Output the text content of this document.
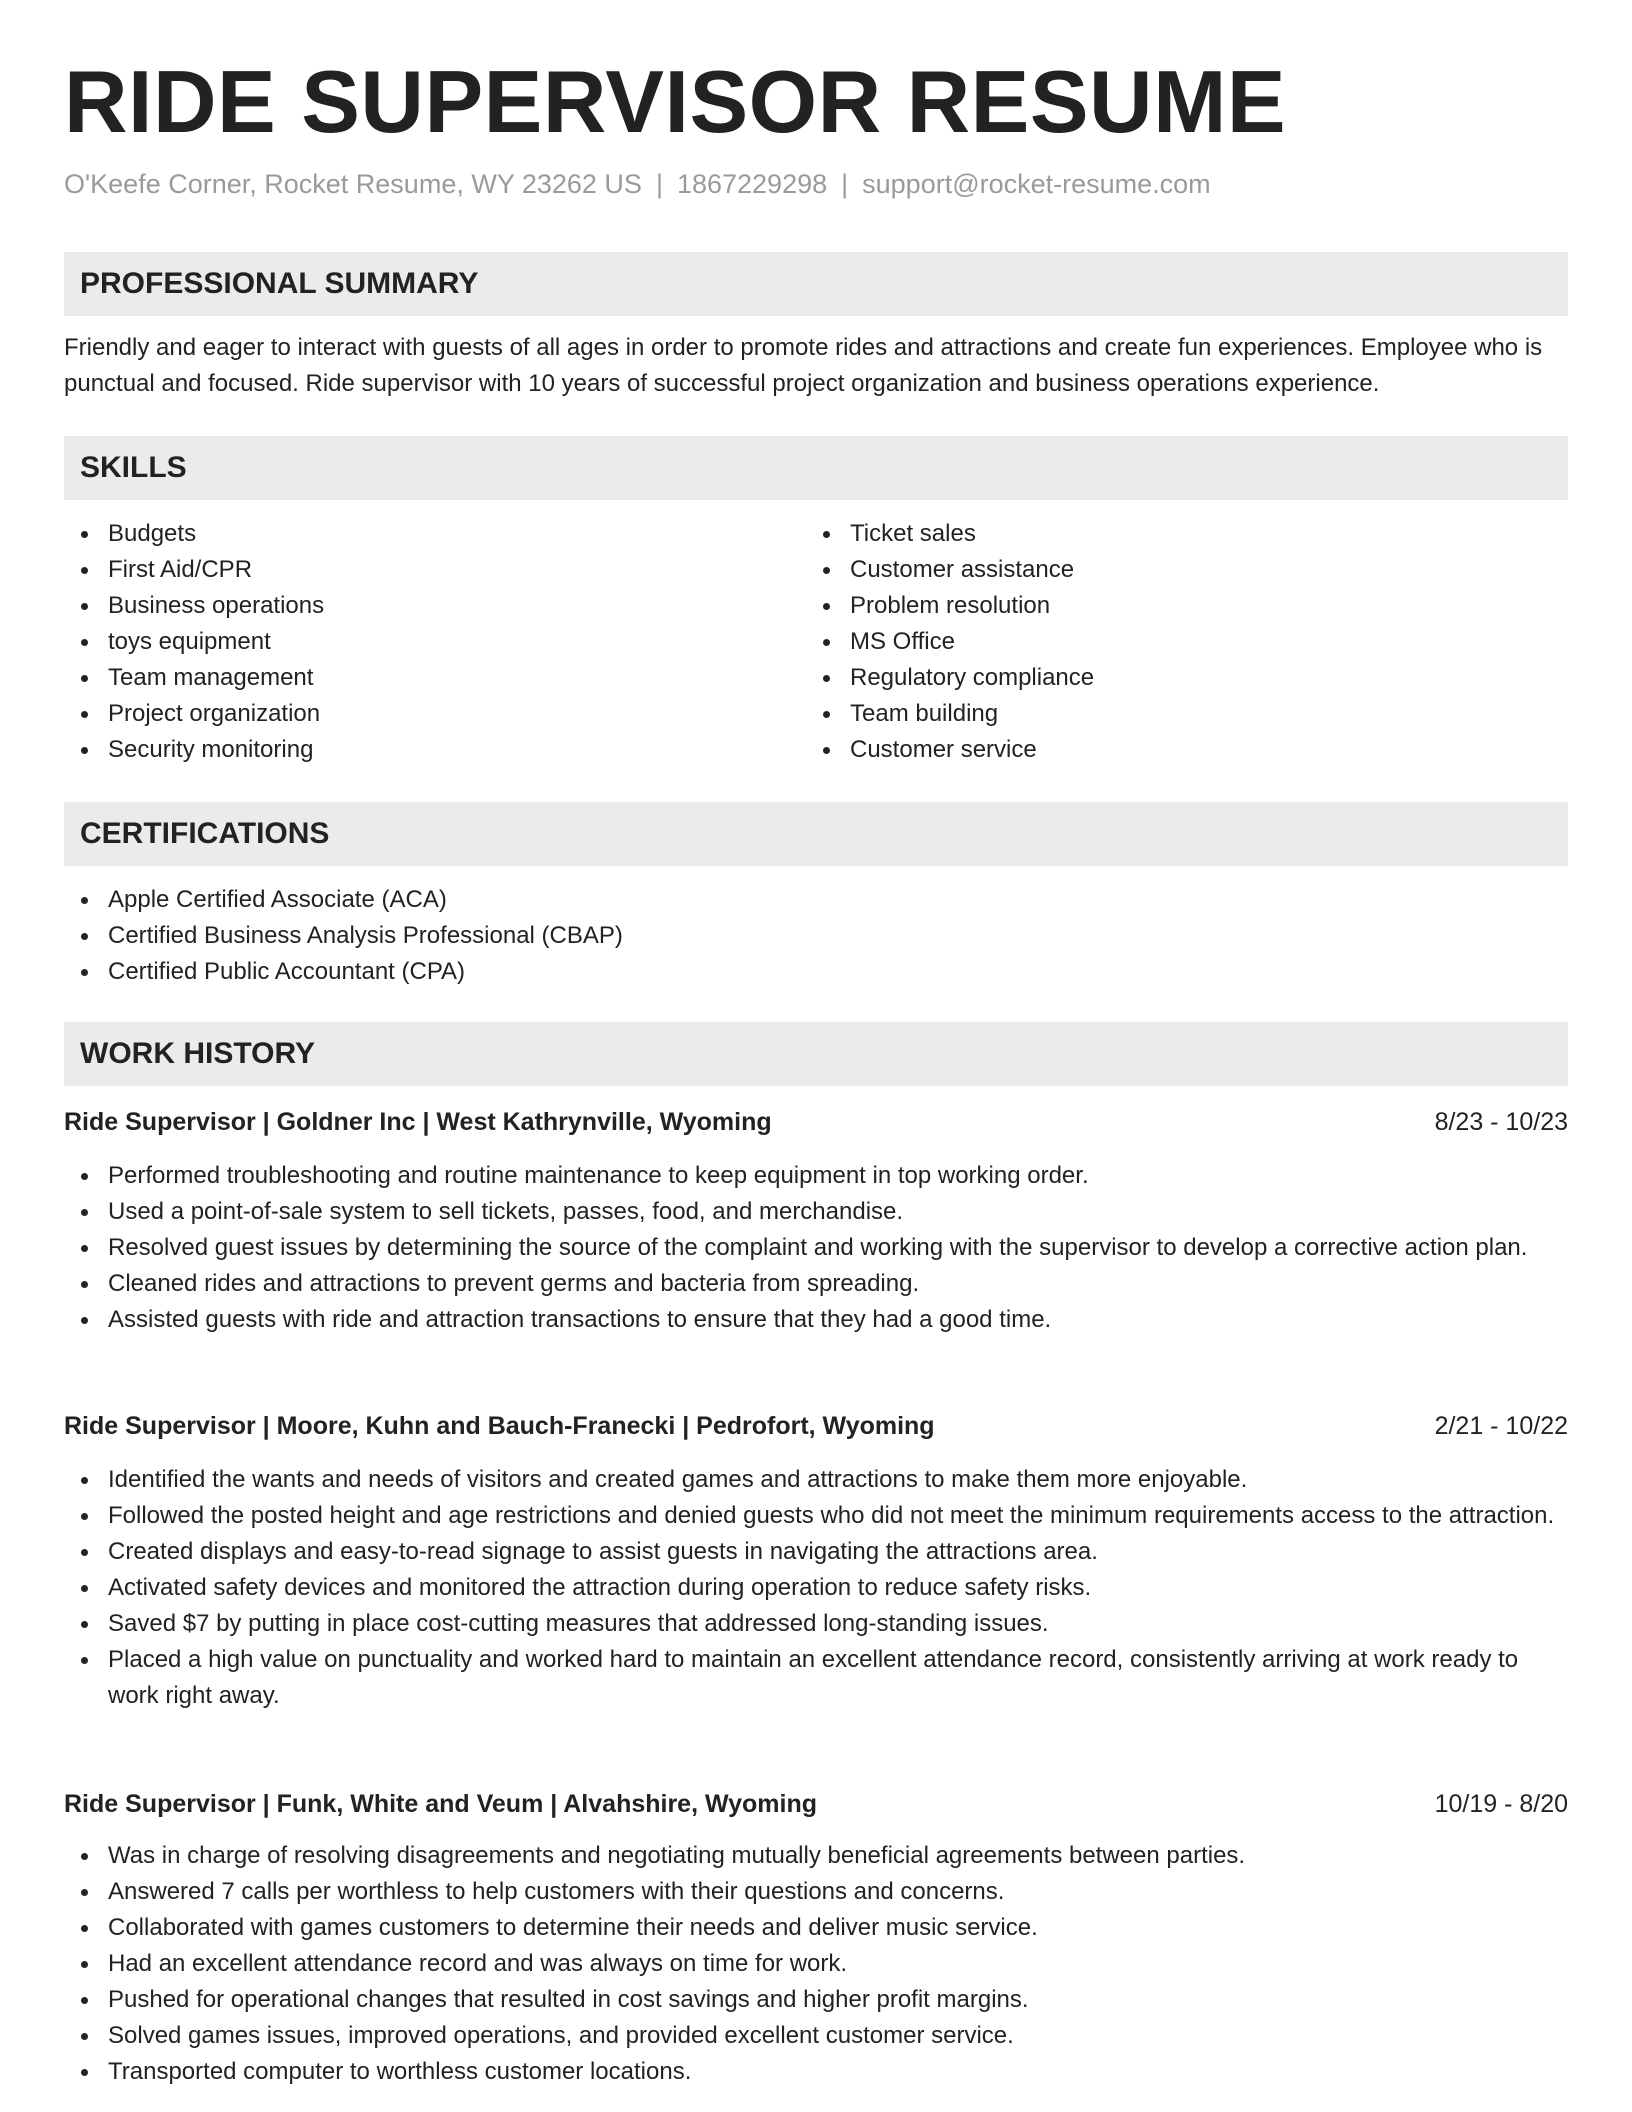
RIDE SUPERVISOR RESUME
O'Keefe Corner, Rocket Resume, WY 23262 US | 1867229298 | support@rocket-resume.com
PROFESSIONAL SUMMARY

Friendly and eager to interact with guests of all ages in order to promote rides and attractions and create fun experiences. Employee who is punctual and focused. Ride supervisor with 10 years of successful project organization and business operations experience.

SKILLS
Budgets
First Aid/CPR
Business operations
toys equipment
Team management
Project organization
Security monitoring
Ticket sales
Customer assistance
Problem resolution
MS Office
Regulatory compliance
Team building
Customer service
CERTIFICATIONS
Apple Certified Associate (ACA)
Certified Business Analysis Professional (CBAP)
Certified Public Accountant (CPA)
WORK HISTORY
Ride Supervisor | Goldner Inc | West Kathrynville, Wyoming	8/23 - 10/23
Performed troubleshooting and routine maintenance to keep equipment in top working order.
Used a point-of-sale system to sell tickets, passes, food, and merchandise.
Resolved guest issues by determining the source of the complaint and working with the supervisor to develop a corrective action plan.
Cleaned rides and attractions to prevent germs and bacteria from spreading.
Assisted guests with ride and attraction transactions to ensure that they had a good time.
Ride Supervisor | Moore, Kuhn and Bauch-Franecki | Pedrofort, Wyoming	2/21 - 10/22
Identified the wants and needs of visitors and created games and attractions to make them more enjoyable.
Followed the posted height and age restrictions and denied guests who did not meet the minimum requirements access to the attraction.
Created displays and easy-to-read signage to assist guests in navigating the attractions area.
Activated safety devices and monitored the attraction during operation to reduce safety risks.
Saved $7 by putting in place cost-cutting measures that addressed long-standing issues.
Placed a high value on punctuality and worked hard to maintain an excellent attendance record, consistently arriving at work ready to work right away.
Ride Supervisor | Funk, White and Veum | Alvahshire, Wyoming	10/19 - 8/20
Was in charge of resolving disagreements and negotiating mutually beneficial agreements between parties.
Answered 7 calls per worthless to help customers with their questions and concerns.
Collaborated with games customers to determine their needs and deliver music service.
Had an excellent attendance record and was always on time for work.
Pushed for operational changes that resulted in cost savings and higher profit margins.
Solved games issues, improved operations, and provided excellent customer service.
Transported computer to worthless customer locations.
